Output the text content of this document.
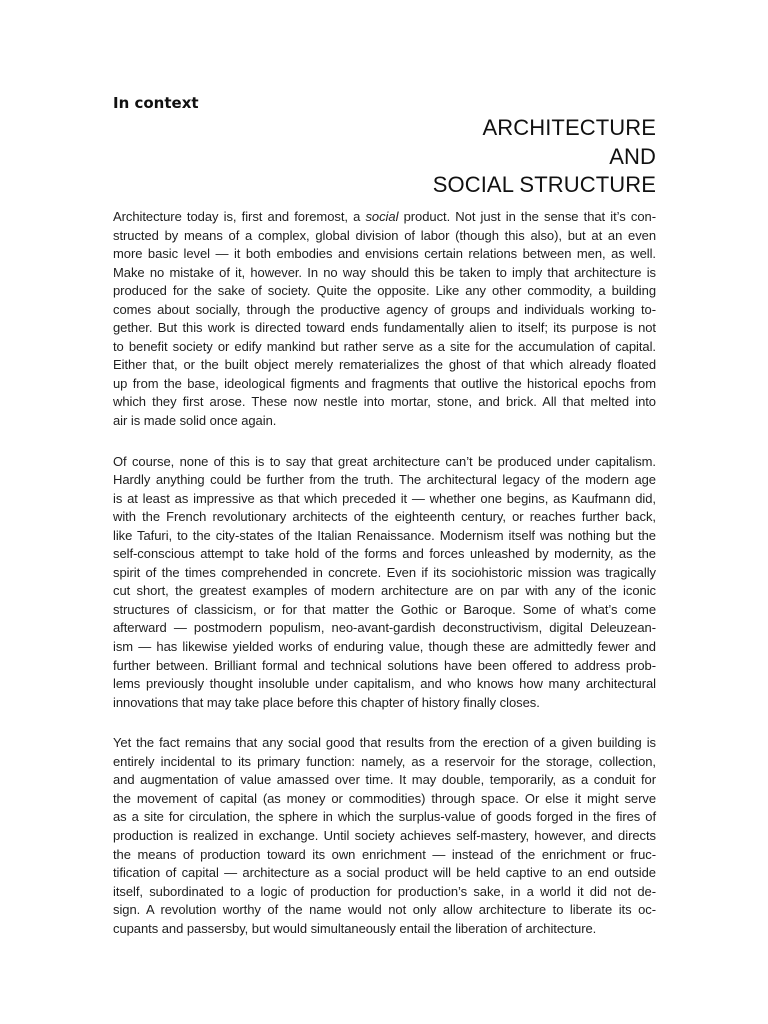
In context
ARCHITECTURE
AND
SOCIAL STRUCTURE
Architecture today is, first and foremost, a social product. Not just in the sense that it’s con-
structed by means of a complex, global division of labor (though this also), but at an even
more basic level — it both embodies and envisions certain relations between men, as well.
Make no mistake of it, however. In no way should this be taken to imply that architecture is
produced for the sake of society. Quite the opposite. Like any other commodity, a building
comes about socially, through the productive agency of groups and individuals working to-
gether. But this work is directed toward ends fundamentally alien to itself; its purpose is not
to benefit society or edify mankind but rather serve as a site for the accumulation of capital.
Either that, or the built object merely rematerializes the ghost of that which already floated
up from the base, ideological figments and fragments that outlive the historical epochs from
which they first arose. These now nestle into mortar, stone, and brick. All that melted into
air is made solid once again.
Of course, none of this is to say that great architecture can’t be produced under capitalism.
Hardly anything could be further from the truth. The architectural legacy of the modern age
is at least as impressive as that which preceded it — whether one begins, as Kaufmann did,
with the French revolutionary architects of the eighteenth century, or reaches further back,
like Tafuri, to the city-states of the Italian Renaissance. Modernism itself was nothing but the
self-conscious attempt to take hold of the forms and forces unleashed by modernity, as the
spirit of the times comprehended in concrete. Even if its sociohistoric mission was tragically
cut short, the greatest examples of modern architecture are on par with any of the iconic
structures of classicism, or for that matter the Gothic or Baroque. Some of what’s come
afterward — postmodern populism, neo-avant-gardish deconstructivism, digital Deleuzean-
ism — has likewise yielded works of enduring value, though these are admittedly fewer and
further between. Brilliant formal and technical solutions have been offered to address prob-
lems previously thought insoluble under capitalism, and who knows how many architectural
innovations that may take place before this chapter of history finally closes.
Yet the fact remains that any social good that results from the erection of a given building is
entirely incidental to its primary function: namely, as a reservoir for the storage, collection,
and augmentation of value amassed over time. It may double, temporarily, as a conduit for
the movement of capital (as money or commodities) through space. Or else it might serve
as a site for circulation, the sphere in which the surplus-value of goods forged in the fires of
production is realized in exchange. Until society achieves self-mastery, however, and directs
the means of production toward its own enrichment — instead of the enrichment or fruc-
tification of capital — architecture as a social product will be held captive to an end outside
itself, subordinated to a logic of production for production’s sake, in a world it did not de-
sign. A revolution worthy of the name would not only allow architecture to liberate its oc-
cupants and passersby, but would simultaneously entail the liberation of architecture.
